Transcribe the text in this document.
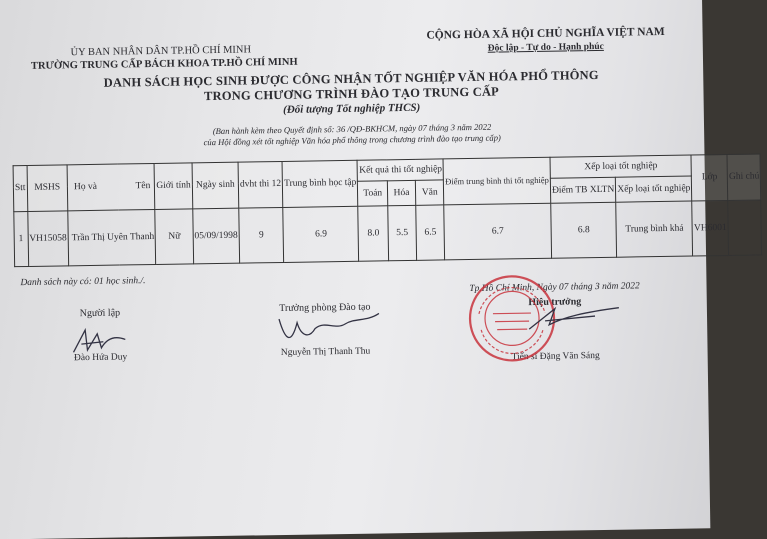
ỦY BAN NHÂN DÂN TP.HỒ CHÍ MINH
TRƯỜNG TRUNG CẤP BÁCH KHOA TP.HỒ CHÍ MINH
CỘNG HÒA XÃ HỘI CHỦ NGHĨA VIỆT NAM
Độc lập - Tự do - Hạnh phúc
DANH SÁCH HỌC SINH ĐƯỢC CÔNG NHẬN TỐT NGHIỆP VĂN HÓA PHỔ THÔNG
TRONG CHƯƠNG TRÌNH ĐÀO TẠO TRUNG CẤP
(Đối tượng Tốt nghiệp THCS)
(Ban hành kèm theo Quyết định số: 36 /QĐ-BKHCM, ngày 07 tháng 3 năm 2022
của Hội đồng xét tốt nghiệp Văn hóa phổ thông trong chương trình đào tạo trung cấp)
Stt	MSHS	Họ và	Tên	Giới tính	Ngày sinh	dvht thi 12	Trung bình học tập	Kết quả thi tốt nghiệp			Điểm trung bình thi tốt nghiệp	Xếp loại tốt nghiệp		Lớp	Ghi chú
								Toán	Hóa	Văn		Điểm TB XLTN	Xếp loại tốt nghiệp		
1	VH15058	Trần Thị Uyên Thanh		Nữ	05/09/1998	9	6.9	8.0	5.5	6.5	6.7	6.8	Trung bình khá	VH6001	
Danh sách này có: 01 học sinh./.
Người lập
Đào Hứa Duy
Trưởng phòng Đào tạo
Nguyễn Thị Thanh Thu
Tp.Hồ Chí Minh, Ngày 07 tháng 3 năm 2022
Hiệu trưởng
Tiến sĩ Đặng Văn Sáng
